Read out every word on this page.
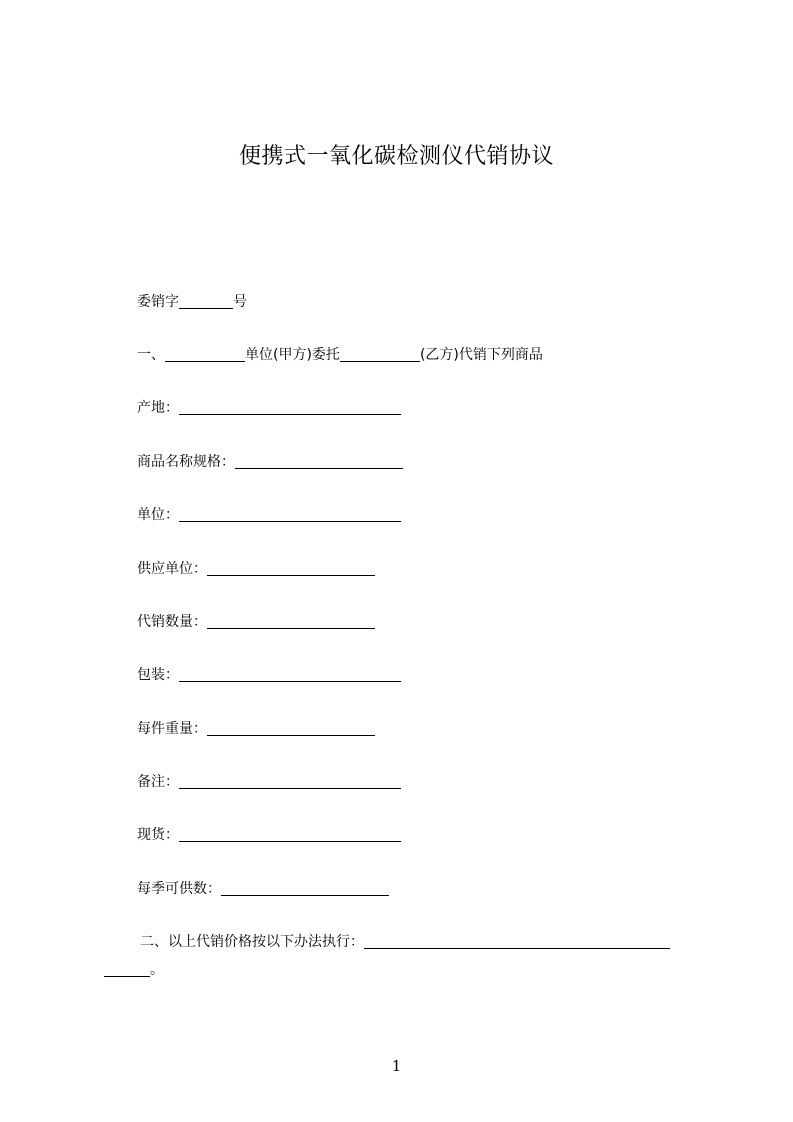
便携式一氧化碳检测仪代销协议
委销字	号
一、	单位(甲方)委托	(乙方)代销下列商品
产地：
商品名称规格：
单位：
供应单位：
代销数量：
包装：
每件重量：
备注：
现货：
每季可供数：
二、以上代销价格按以下办法执行：
。
1
